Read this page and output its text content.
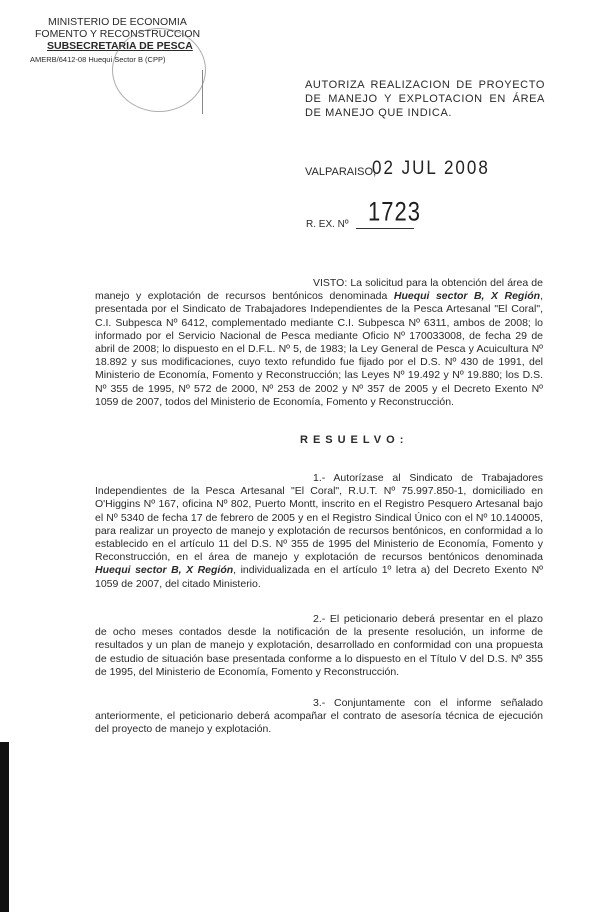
MINISTERIO DE ECONOMIA
FOMENTO Y RECONSTRUCCION
SUBSECRETARIA DE PESCA
AMERB/6412-08 Huequi Sector B (CPP)
AUTORIZA REALIZACION DE PROYECTO DE MANEJO Y EXPLOTACION EN ÁREA DE MANEJO QUE INDICA.
VALPARAISO,
02 JUL 2008
R. EX. Nº 1723
VISTO: La solicitud para la obtención del área de manejo y explotación de recursos bentónicos denominada Huequi sector B, X Región, presentada por el Sindicato de Trabajadores Independientes de la Pesca Artesanal "El Coral", C.I. Subpesca Nº 6412, complementado mediante C.I. Subpesca Nº 6311, ambos de 2008; lo informado por el Servicio Nacional de Pesca mediante Oficio Nº 170033008, de fecha 29 de abril de 2008; lo dispuesto en el D.F.L. Nº 5, de 1983; la Ley General de Pesca y Acuicultura Nº 18.892 y sus modificaciones, cuyo texto refundido fue fijado por el D.S. Nº 430 de 1991, del Ministerio de Economía, Fomento y Reconstrucción; las Leyes Nº 19.492 y Nº 19.880; los D.S. Nº 355 de 1995, Nº 572 de 2000, Nº 253 de 2002 y Nº 357 de 2005 y el Decreto Exento Nº 1059 de 2007, todos del Ministerio de Economía, Fomento y Reconstrucción.
RESUELVO:
1.- Autorízase al Sindicato de Trabajadores Independientes de la Pesca Artesanal "El Coral", R.U.T. Nº 75.997.850-1, domiciliado en O'Higgins Nº 167, oficina Nº 802, Puerto Montt, inscrito en el Registro Pesquero Artesanal bajo el Nº 5340 de fecha 17 de febrero de 2005 y en el Registro Sindical Único con el Nº 10.140005, para realizar un proyecto de manejo y explotación de recursos bentónicos, en conformidad a lo establecido en el artículo 11 del D.S. Nº 355 de 1995 del Ministerio de Economía, Fomento y Reconstrucción, en el área de manejo y explotación de recursos bentónicos denominada Huequi sector B, X Región, individualizada en el artículo 1º letra a) del Decreto Exento Nº 1059 de 2007, del citado Ministerio.
2.- El peticionario deberá presentar en el plazo de ocho meses contados desde la notificación de la presente resolución, un informe de resultados y un plan de manejo y explotación, desarrollado en conformidad con una propuesta de estudio de situación base presentada conforme a lo dispuesto en el Título V del D.S. Nº 355 de 1995, del Ministerio de Economía, Fomento y Reconstrucción.
3.- Conjuntamente con el informe señalado anteriormente, el peticionario deberá acompañar el contrato de asesoría técnica de ejecución del proyecto de manejo y explotación.
